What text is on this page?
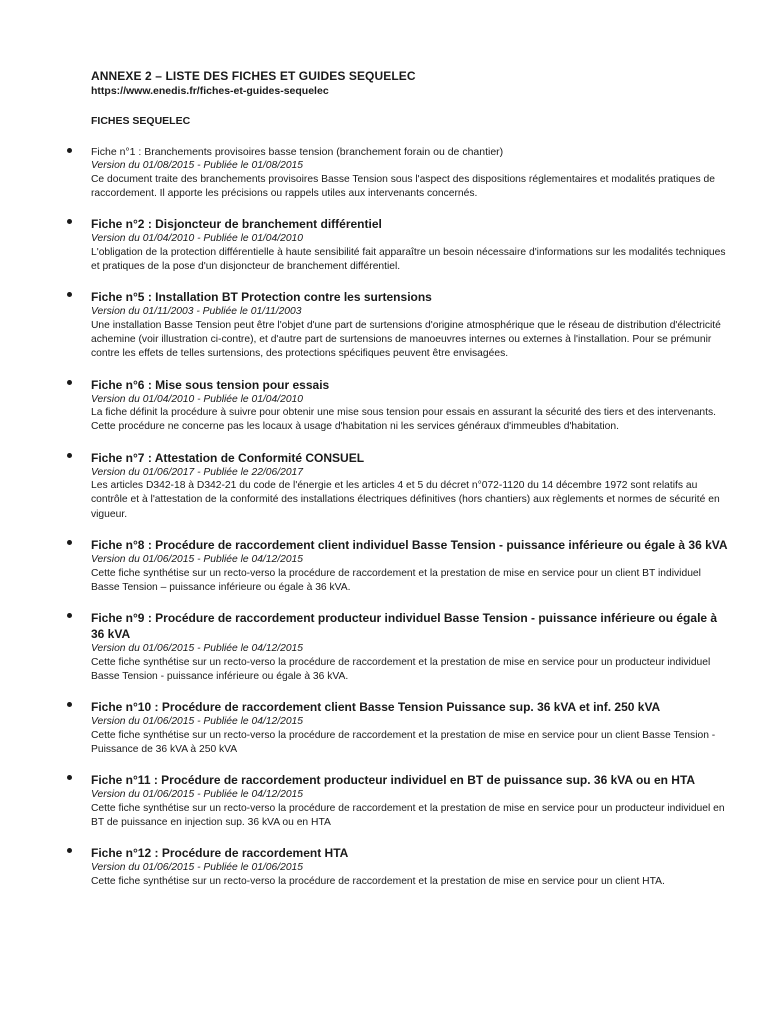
ANNEXE 2 – LISTE DES FICHES ET GUIDES SEQUELEC
https://www.enedis.fr/fiches-et-guides-sequelec
FICHES SEQUELEC
Fiche n°1 : Branchements provisoires basse tension (branchement forain ou de chantier)
Version du 01/08/2015 - Publiée le 01/08/2015
Ce document traite des branchements provisoires Basse Tension sous l'aspect des dispositions réglementaires et modalités pratiques de raccordement. Il apporte les précisions ou rappels utiles aux intervenants concernés.
Fiche n°2 : Disjoncteur de branchement différentiel
Version du 01/04/2010 - Publiée le 01/04/2010
L'obligation de la protection différentielle à haute sensibilité fait apparaître un besoin nécessaire d'informations sur les modalités techniques et pratiques de la pose d'un disjoncteur de branchement différentiel.
Fiche n°5 : Installation BT Protection contre les surtensions
Version du 01/11/2003 - Publiée le 01/11/2003
Une installation Basse Tension peut être l'objet d'une part de surtensions d'origine atmosphérique que le réseau de distribution d'électricité achemine (voir illustration ci-contre), et d'autre part de surtensions de manoeuvres internes ou externes à l'installation. Pour se prémunir contre les effets de telles surtensions, des protections spécifiques peuvent être envisagées.
Fiche n°6 : Mise sous tension pour essais
Version du 01/04/2010 - Publiée le 01/04/2010
La fiche définit la procédure à suivre pour obtenir une mise sous tension pour essais en assurant la sécurité des tiers et des intervenants. Cette procédure ne concerne pas les locaux à usage d'habitation ni les services généraux d'immeubles d'habitation.
Fiche n°7 : Attestation de Conformité CONSUEL
Version du 01/06/2017 - Publiée le 22/06/2017
Les articles D342-18 à D342-21 du code de l'énergie et les articles 4 et 5 du décret n°072-1120 du 14 décembre 1972 sont relatifs au contrôle et à l'attestation de la conformité des installations électriques définitives (hors chantiers) aux règlements et normes de sécurité en vigueur.
Fiche n°8 : Procédure de raccordement client individuel Basse Tension - puissance inférieure ou égale à 36 kVA
Version du 01/06/2015 - Publiée le 04/12/2015
Cette fiche synthétise sur un recto-verso la procédure de raccordement et la prestation de mise en service pour un client BT individuel Basse Tension – puissance inférieure ou égale à 36 kVA.
Fiche n°9 : Procédure de raccordement producteur individuel Basse Tension - puissance inférieure ou égale à 36 kVA
Version du 01/06/2015 - Publiée le 04/12/2015
Cette fiche synthétise sur un recto-verso la procédure de raccordement et la prestation de mise en service pour un producteur individuel Basse Tension - puissance inférieure ou égale à 36 kVA.
Fiche n°10 : Procédure de raccordement client Basse Tension Puissance sup. 36 kVA et inf. 250 kVA
Version du 01/06/2015 - Publiée le 04/12/2015
Cette fiche synthétise sur un recto-verso la procédure de raccordement et la prestation de mise en service pour un client Basse Tension - Puissance de 36 kVA à 250 kVA
Fiche n°11 : Procédure de raccordement producteur individuel en BT de puissance sup. 36 kVA ou en HTA
Version du 01/06/2015 - Publiée le 04/12/2015
Cette fiche synthétise sur un recto-verso la procédure de raccordement et la prestation de mise en service pour un producteur individuel en BT de puissance en injection sup. 36 kVA ou en HTA
Fiche n°12 : Procédure de raccordement HTA
Version du 01/06/2015 - Publiée le 01/06/2015
Cette fiche synthétise sur un recto-verso la procédure de raccordement et la prestation de mise en service pour un client HTA.
